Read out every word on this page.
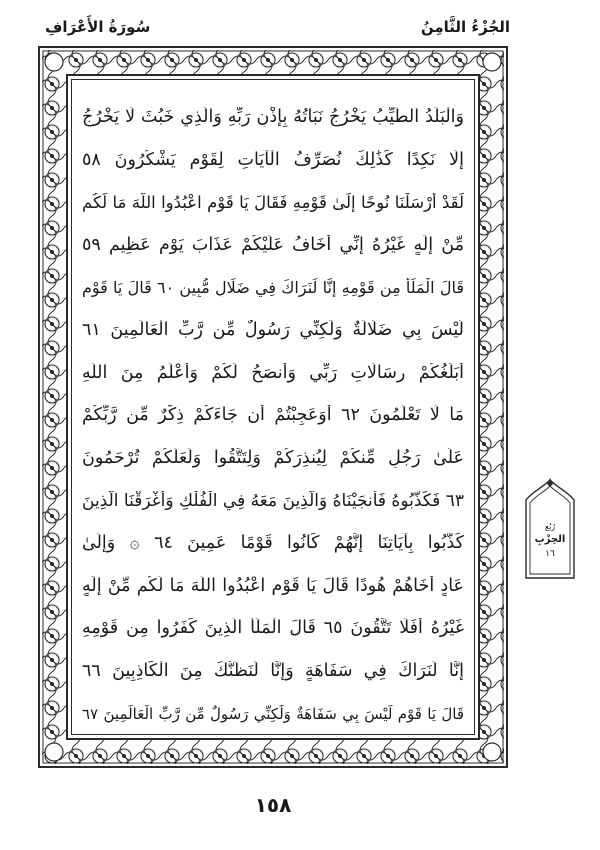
سُورَةُ الأَعْرَافِ	الجُزْءُ الثَّامِنُ
وَالْبَلَدُ الطَّيِّبُ يَخْرُجُ نَبَاتُهُ بِإِذْنِ رَبِّهِ وَالَّذِي خَبُثَ لَا يَخْرُجُ
إِلَّا نَكِدًا كَذَٰلِكَ نُصَرِّفُ الْآيَاتِ لِقَوْمٍ يَشْكُرُونَ ٥٨
لَقَدْ أَرْسَلْنَا نُوحًا إِلَىٰ قَوْمِهِ فَقَالَ يَا قَوْمِ اعْبُدُوا اللَّهَ مَا لَكُم
مِّنْ إِلَٰهٍ غَيْرُهُ إِنِّي أَخَافُ عَلَيْكُمْ عَذَابَ يَوْمٍ عَظِيمٍ ٥٩
قَالَ الْمَلَأُ مِن قَوْمِهِ إِنَّا لَنَرَاكَ فِي ضَلَالٍ مُّبِينٍ ٦٠ قَالَ يَا قَوْمِ
لَيْسَ بِي ضَلَالَةٌ وَلَٰكِنِّي رَسُولٌ مِّن رَّبِّ الْعَالَمِينَ ٦١
أُبَلِّغُكُمْ رِسَالَاتِ رَبِّي وَأَنصَحُ لَكُمْ وَأَعْلَمُ مِنَ اللَّهِ
مَا لَا تَعْلَمُونَ ٦٢ أَوَعَجِبْتُمْ أَن جَاءَكُمْ ذِكْرٌ مِّن رَّبِّكُمْ
عَلَىٰ رَجُلٍ مِّنكُمْ لِيُنذِرَكُمْ وَلِتَتَّقُوا وَلَعَلَّكُمْ تُرْحَمُونَ
٦٣ فَكَذَّبُوهُ فَأَنجَيْنَاهُ وَالَّذِينَ مَعَهُ فِي الْفُلْكِ وَأَغْرَقْنَا الَّذِينَ
كَذَّبُوا بِآيَاتِنَا إِنَّهُمْ كَانُوا قَوْمًا عَمِينَ ٦٤ ۞ وَإِلَىٰ
عَادٍ أَخَاهُمْ هُودًا قَالَ يَا قَوْمِ اعْبُدُوا اللَّهَ مَا لَكُم مِّنْ إِلَٰهٍ
غَيْرُهُ أَفَلَا تَتَّقُونَ ٦٥ قَالَ الْمَلَأُ الَّذِينَ كَفَرُوا مِن قَوْمِهِ
إِنَّا لَنَرَاكَ فِي سَفَاهَةٍ وَإِنَّا لَنَظُنُّكَ مِنَ الْكَاذِبِينَ ٦٦
قَالَ يَا قَوْمِ لَيْسَ بِي سَفَاهَةٌ وَلَٰكِنِّي رَسُولٌ مِّن رَّبِّ الْعَالَمِينَ ٦٧
رُبُع
الحِزْبِ
١٦
١٥٨
